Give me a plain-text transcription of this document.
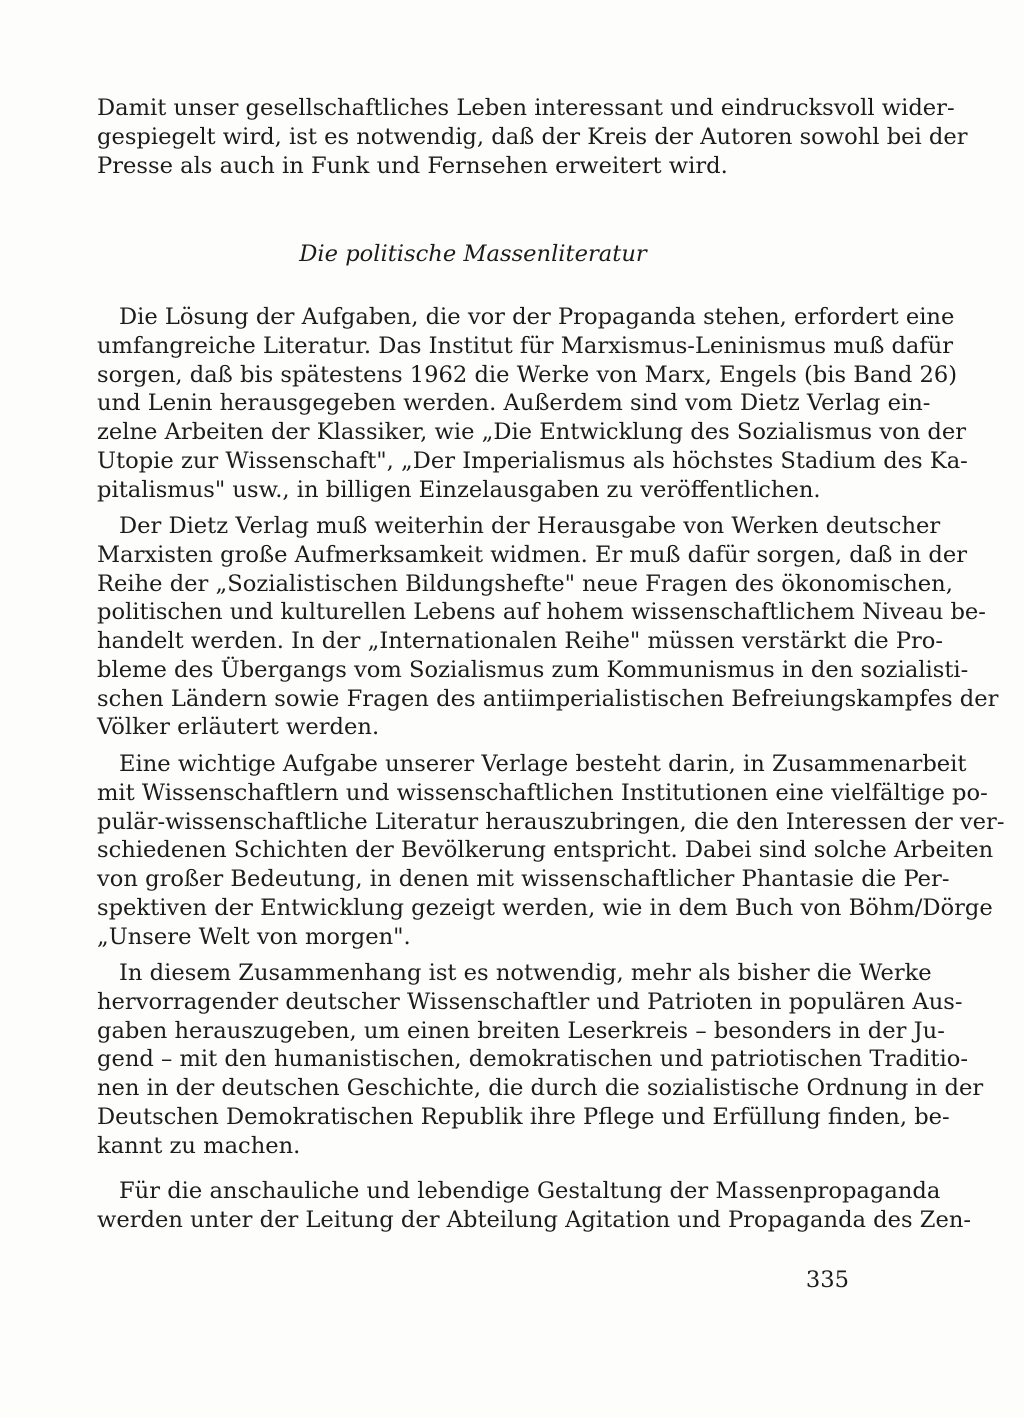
Damit unser gesellschaftliches Leben interessant und eindrucksvoll wider-
gespiegelt wird, ist es notwendig, daß der Kreis der Autoren sowohl bei der
Presse als auch in Funk und Fernsehen erweitert wird.
Die politische Massenliteratur
Die Lösung der Aufgaben, die vor der Propaganda stehen, erfordert eine
umfangreiche Literatur. Das Institut für Marxismus-Leninismus muß dafür
sorgen, daß bis spätestens 1962 die Werke von Marx, Engels (bis Band 26)
und Lenin herausgegeben werden. Außerdem sind vom Dietz Verlag ein-
zelne Arbeiten der Klassiker, wie „Die Entwicklung des Sozialismus von der
Utopie zur Wissenschaft", „Der Imperialismus als höchstes Stadium des Ka-
pitalismus" usw., in billigen Einzelausgaben zu veröffentlichen.
Der Dietz Verlag muß weiterhin der Herausgabe von Werken deutscher
Marxisten große Aufmerksamkeit widmen. Er muß dafür sorgen, daß in der
Reihe der „Sozialistischen Bildungshefte" neue Fragen des ökonomischen,
politischen und kulturellen Lebens auf hohem wissenschaftlichem Niveau be-
handelt werden. In der „Internationalen Reihe" müssen verstärkt die Pro-
bleme des Übergangs vom Sozialismus zum Kommunismus in den sozialisti-
schen Ländern sowie Fragen des antiimperialistischen Befreiungskampfes der
Völker erläutert werden.
Eine wichtige Aufgabe unserer Verlage besteht darin, in Zusammenarbeit
mit Wissenschaftlern und wissenschaftlichen Institutionen eine vielfältige po-
pulär-wissenschaftliche Literatur herauszubringen, die den Interessen der ver-
schiedenen Schichten der Bevölkerung entspricht. Dabei sind solche Arbeiten
von großer Bedeutung, in denen mit wissenschaftlicher Phantasie die Per-
spektiven der Entwicklung gezeigt werden, wie in dem Buch von Böhm/Dörge
„Unsere Welt von morgen".
In diesem Zusammenhang ist es notwendig, mehr als bisher die Werke
hervorragender deutscher Wissenschaftler und Patrioten in populären Aus-
gaben herauszugeben, um einen breiten Leserkreis – besonders in der Ju-
gend – mit den humanistischen, demokratischen und patriotischen Traditio-
nen in der deutschen Geschichte, die durch die sozialistische Ordnung in der
Deutschen Demokratischen Republik ihre Pflege und Erfüllung finden, be-
kannt zu machen.
Für die anschauliche und lebendige Gestaltung der Massenpropaganda
werden unter der Leitung der Abteilung Agitation und Propaganda des Zen-
335
